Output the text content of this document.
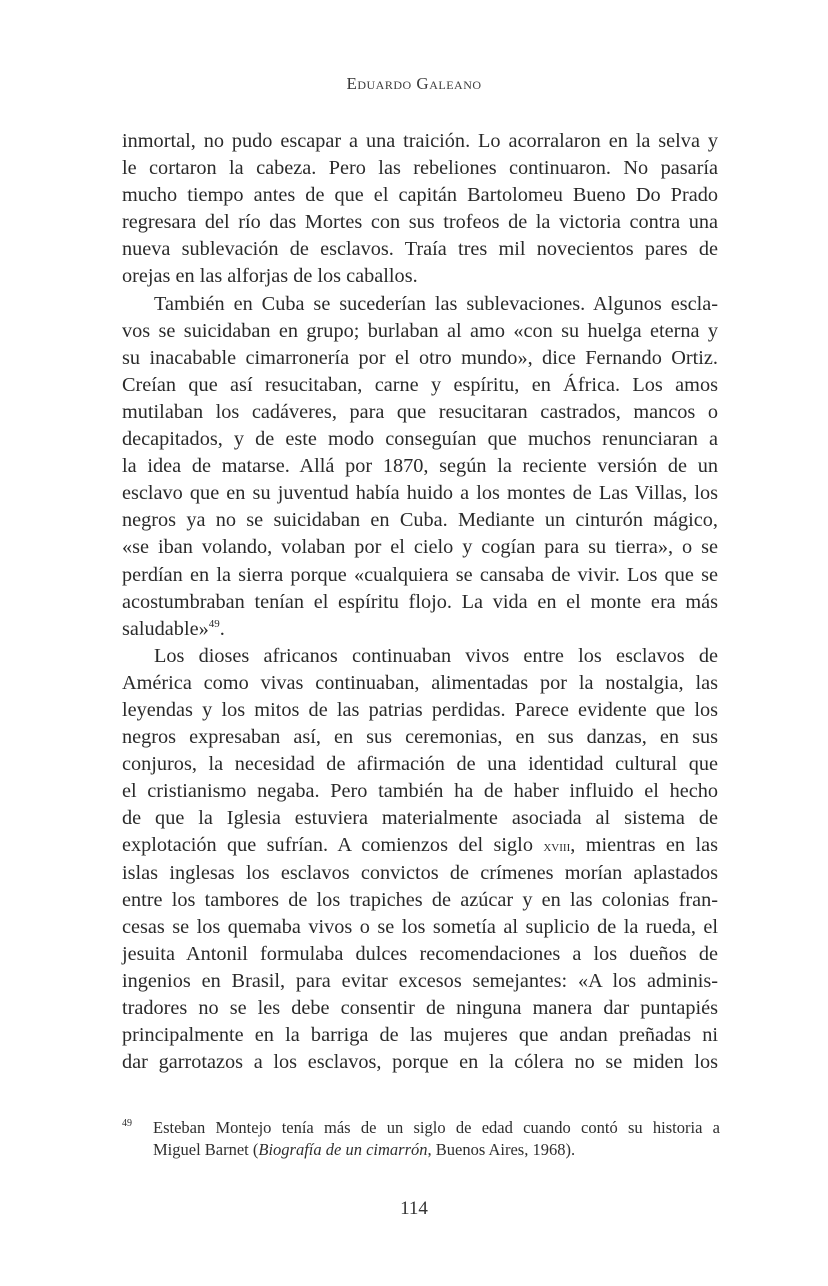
Eduardo Galeano
inmortal, no pudo escapar a una traición. Lo acorralaron en la selva y
le cortaron la cabeza. Pero las rebeliones continuaron. No pasaría
mucho tiempo antes de que el capitán Bartolomeu Bueno Do Prado
regresara del río das Mortes con sus trofeos de la victoria contra una
nueva sublevación de esclavos. Traía tres mil novecientos pares de
orejas en las alforjas de los caballos.
También en Cuba se sucederían las sublevaciones. Algunos escla-
vos se suicidaban en grupo; burlaban al amo «con su huelga eterna y
su inacabable cimarronería por el otro mundo», dice Fernando Ortiz.
Creían que así resucitaban, carne y espíritu, en África. Los amos
mutilaban los cadáveres, para que resucitaran castrados, mancos o
decapitados, y de este modo conseguían que muchos renunciaran a
la idea de matarse. Allá por 1870, según la reciente versión de un
esclavo que en su juventud había huido a los montes de Las Villas, los
negros ya no se suicidaban en Cuba. Mediante un cinturón mágico,
«se iban volando, volaban por el cielo y cogían para su tierra», o se
perdían en la sierra porque «cualquiera se cansaba de vivir. Los que se
acostumbraban tenían el espíritu flojo. La vida en el monte era más
saludable»$^{49}$.
Los dioses africanos continuaban vivos entre los esclavos de
América como vivas continuaban, alimentadas por la nostalgia, las
leyendas y los mitos de las patrias perdidas. Parece evidente que los
negros expresaban así, en sus ceremonias, en sus danzas, en sus
conjuros, la necesidad de afirmación de una identidad cultural que
el cristianismo negaba. Pero también ha de haber influido el hecho
de que la Iglesia estuviera materialmente asociada al sistema de
explotación que sufrían. A comienzos del siglo xviii, mientras en las
islas inglesas los esclavos convictos de crímenes morían aplastados
entre los tambores de los trapiches de azúcar y en las colonias fran-
cesas se los quemaba vivos o se los sometía al suplicio de la rueda, el
jesuita Antonil formulaba dulces recomendaciones a los dueños de
ingenios en Brasil, para evitar excesos semejantes: «A los adminis-
tradores no se les debe consentir de ninguna manera dar puntapiés
principalmente en la barriga de las mujeres que andan preñadas ni
dar garrotazos a los esclavos, porque en la cólera no se miden los
49 Esteban Montejo tenía más de un siglo de edad cuando contó su historia a
Miguel Barnet (Biografía de un cimarrón, Buenos Aires, 1968).
114
